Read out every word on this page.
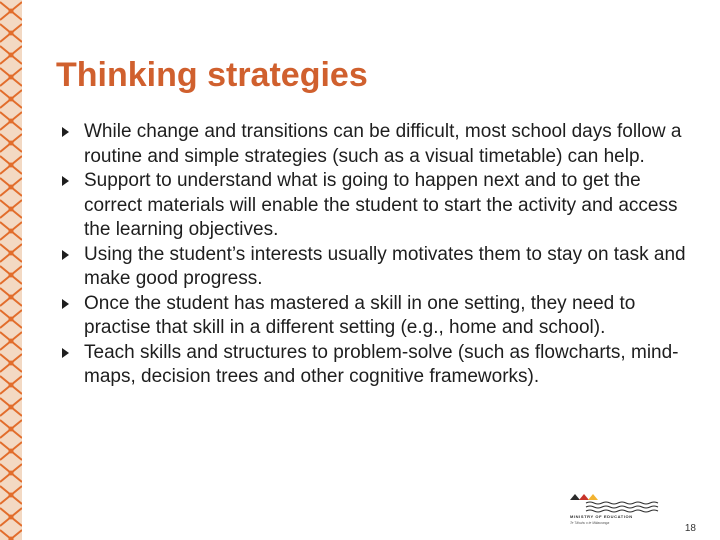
Thinking strategies
While change and transitions can be difficult, most school days follow a routine and simple strategies (such as a visual timetable) can help.
Support to understand what is going to happen next and to get the correct materials will enable the student to start the activity and access the learning objectives.
Using the student’s interests usually motivates them to stay on task and make good progress.
Once the student has mastered a skill in one setting, they need to practise that skill in a different setting (e.g., home and school).
Teach skills and structures to problem-solve (such as flowcharts, mind-maps, decision trees and other cognitive frameworks).
MINISTRY OF EDUCATION
Te Tāhuhu o te Mātauranga	18
